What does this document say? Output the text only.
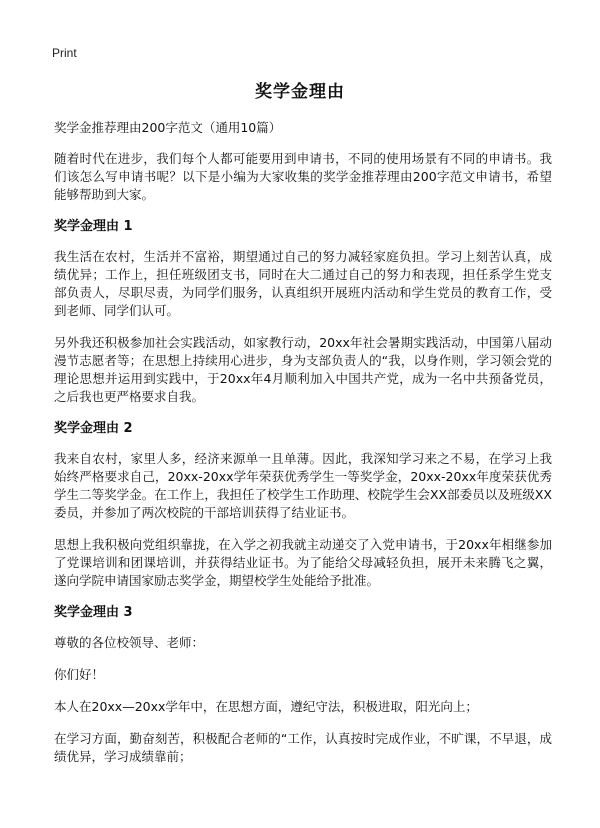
Print
奖学金理由

奖学金推荐理由200字范文（通用10篇）

随着时代在进步，我们每个人都可能要用到申请书，不同的使用场景有不同的申请书。我们该怎么写申请书呢？以下是小编为大家收集的奖学金推荐理由200字范文申请书，希望能够帮助到大家。

奖学金理由 1

我生活在农村，生活并不富裕，期望通过自己的努力减轻家庭负担。学习上刻苦认真，成绩优异；工作上，担任班级团支书，同时在大二通过自己的努力和表现，担任系学生党支部负责人，尽职尽责，为同学们服务，认真组织开展班内活动和学生党员的教育工作，受到老师、同学们认可。

另外我还积极参加社会实践活动，如家教行动，20xx年社会暑期实践活动，中国第八届动漫节志愿者等；在思想上持续用心进步，身为支部负责人的“我，以身作则，学习领会党的理论思想并运用到实践中，于20xx年4月顺利加入中国共产党，成为一名中共预备党员，之后我也更严格要求自我。

奖学金理由 2

我来自农村，家里人多，经济来源单一且单薄。因此，我深知学习来之不易，在学习上我始终严格要求自己，20xx-20xx学年荣获优秀学生一等奖学金，20xx-20xx年度荣获优秀学生二等奖学金。在工作上，我担任了校学生工作助理、校院学生会XX部委员以及班级XX委员，并参加了两次校院的干部培训获得了结业证书。

思想上我积极向党组织靠拢，在入学之初我就主动递交了入党申请书，于20xx年相继参加了党课培训和团课培训，并获得结业证书。为了能给父母减轻负担，展开未来腾飞之翼，遂向学院申请国家励志奖学金，期望校学生处能给予批准。

奖学金理由 3

尊敬的各位校领导、老师：

你们好！

本人在20xx—20xx学年中，在思想方面，遵纪守法，积极进取，阳光向上；

在学习方面，勤奋刻苦，积极配合老师的“工作，认真按时完成作业，不旷课，不早退，成绩优异，学习成绩靠前；
